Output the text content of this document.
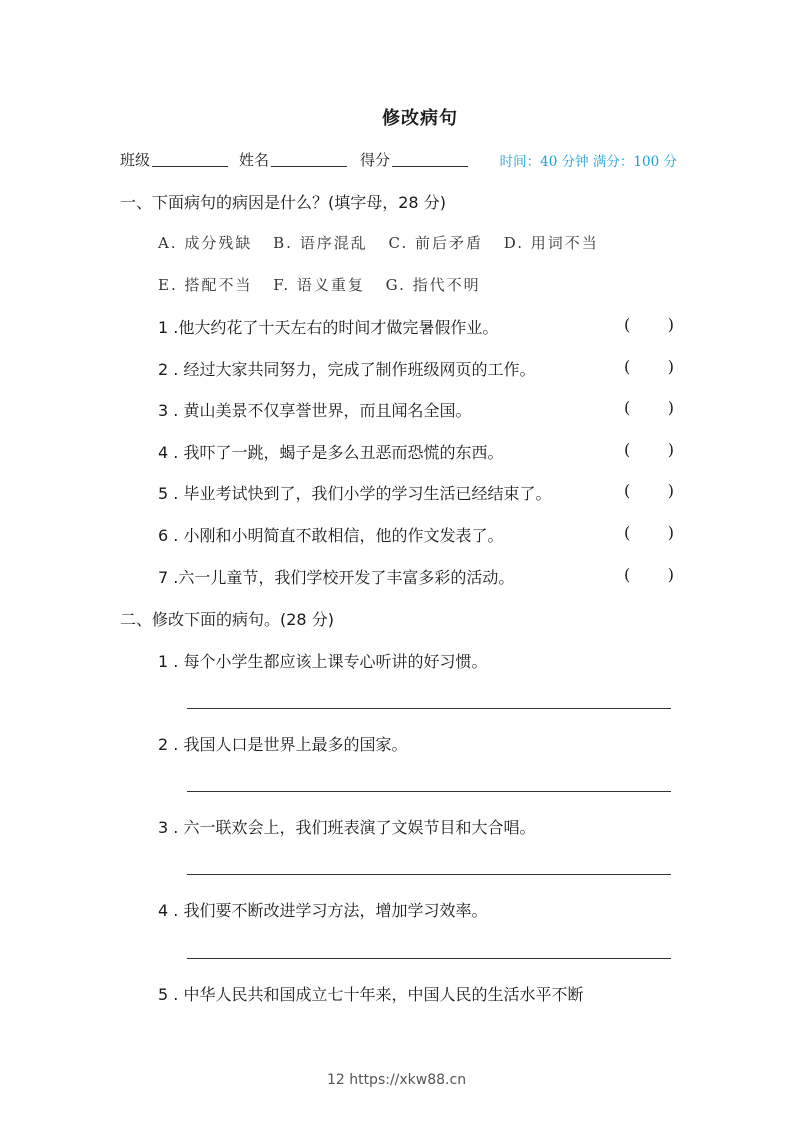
修改病句
班级	姓名	得分	时间：40 分钟 满分：100 分
一、下面病句的病因是什么？(填字母，28 分)
A. 成分残缺 B. 语序混乱 C. 前后矛盾 D. 用词不当
E. 搭配不当 F. 语义重复 G. 指代不明
1 .他大约花了十天左右的时间才做完暑假作业。	( )
2 . 经过大家共同努力，完成了制作班级网页的工作。	( )
3 . 黄山美景不仅享誉世界，而且闻名全国。	( )
4 . 我吓了一跳，蝎子是多么丑恶而恐慌的东西。	( )
5 . 毕业考试快到了，我们小学的学习生活已经结束了。	( )
6 . 小刚和小明简直不敢相信，他的作文发表了。	( )
7 .六一儿童节，我们学校开发了丰富多彩的活动。	( )
二、修改下面的病句。(28 分)
1 . 每个小学生都应该上课专心听讲的好习惯。
2 . 我国人口是世界上最多的国家。
3 . 六一联欢会上，我们班表演了文娱节目和大合唱。
4 . 我们要不断改进学习方法，增加学习效率。
5 . 中华人民共和国成立七十年来，中国人民的生活水平不断
12 https://xkw88.cn
